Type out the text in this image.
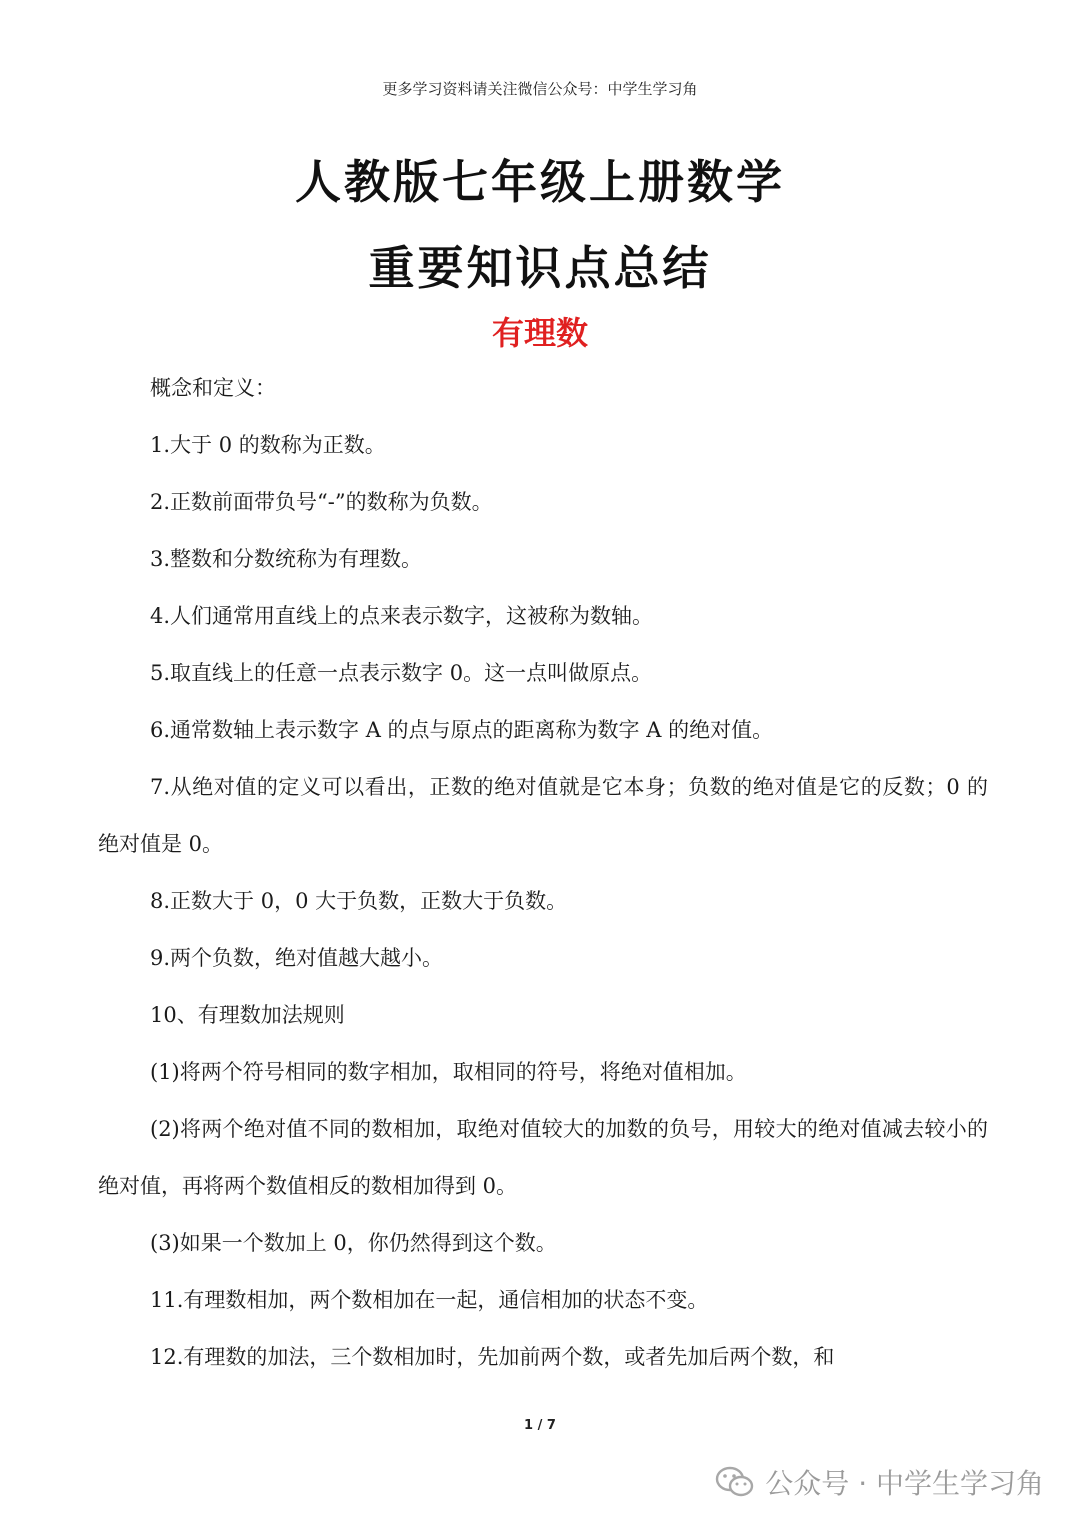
更多学习资料请关注微信公众号：中学生学习角
人教版七年级上册数学
重要知识点总结
有理数

概念和定义：

1.大于 0 的数称为正数。

2.正数前面带负号“-”的数称为负数。

3.整数和分数统称为有理数。

4.人们通常用直线上的点来表示数字，这被称为数轴。

5.取直线上的任意一点表示数字 0。这一点叫做原点。

6.通常数轴上表示数字 A 的点与原点的距离称为数字 A 的绝对值。

7.从绝对值的定义可以看出，正数的绝对值就是它本身；负数的绝对值是它的反数；0 的绝对值是 0。

8.正数大于 0，0 大于负数，正数大于负数。

9.两个负数，绝对值越大越小。

10、有理数加法规则

(1)将两个符号相同的数字相加，取相同的符号，将绝对值相加。

(2)将两个绝对值不同的数相加，取绝对值较大的加数的负号，用较大的绝对值减去较小的绝对值，再将两个数值相反的数相加得到 0。

(3)如果一个数加上 0，你仍然得到这个数。

11.有理数相加，两个数相加在一起，通信相加的状态不变。

12.有理数的加法，三个数相加时，先加前两个数，或者先加后两个数，和

1 / 7
公众号 · 中学生学习角
